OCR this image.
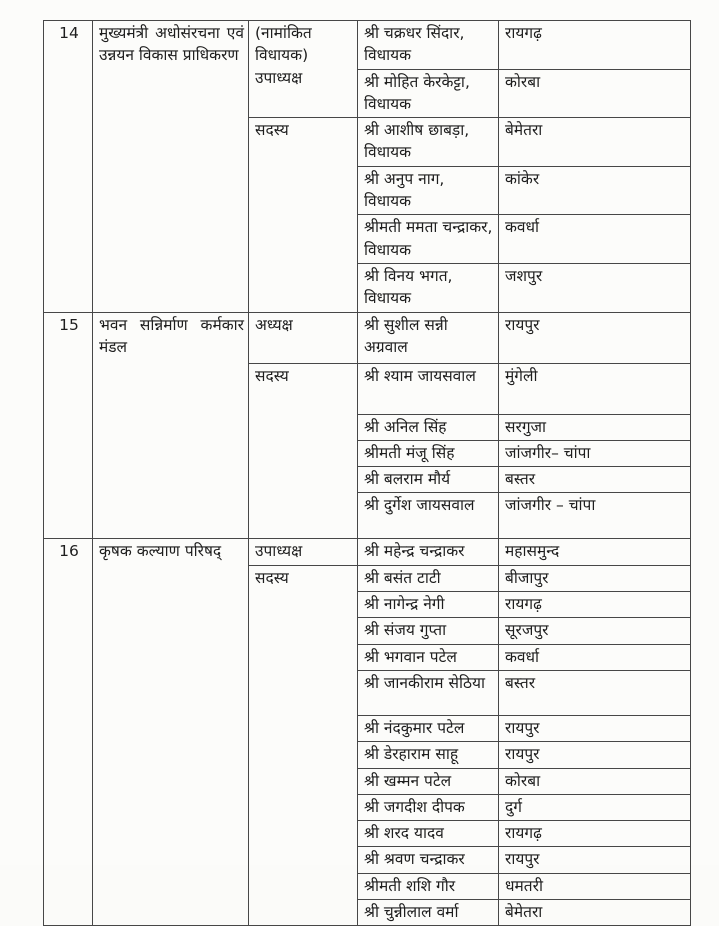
14	मुख्यमंत्री अधोसंरचना एवं उन्नयन विकास प्राधिकरण	(नामांकित विधायक) उपाध्यक्ष	श्री चक्रधर सिंदार, विधायक	रायगढ़
			श्री मोहित केरकेट्टा, विधायक	कोरबा
		सदस्य	श्री आशीष छाबड़ा, विधायक	बेमेतरा
			श्री अनुप नाग, विधायक	कांकेर
			श्रीमती ममता चन्द्राकर, विधायक	कवर्धा
			श्री विनय भगत, विधायक	जशपुर
15	भवन सन्निर्माण कर्मकार मंडल	अध्यक्ष	श्री सुशील सन्नी अग्रवाल	रायपुर
		सदस्य	श्री श्याम जायसवाल	मुंगेली
			श्री अनिल सिंह	सरगुजा
			श्रीमती मंजू सिंह	जांजगीर– चांपा
			श्री बलराम मौर्य	बस्तर
			श्री दुर्गेश जायसवाल	जांजगीर – चांपा
16	कृषक कल्याण परिषद्	उपाध्यक्ष	श्री महेन्द्र चन्द्राकर	महासमुन्द
		सदस्य	श्री बसंत टाटी	बीजापुर
			श्री नागेन्द्र नेगी	रायगढ़
			श्री संजय गुप्ता	सूरजपुर
			श्री भगवान पटेल	कवर्धा
			श्री जानकीराम सेठिया	बस्तर
			श्री नंदकुमार पटेल	रायपुर
			श्री डेरहाराम साहू	रायपुर
			श्री खम्मन पटेल	कोरबा
			श्री जगदीश दीपक	दुर्ग
			श्री शरद यादव	रायगढ़
			श्री श्रवण चन्द्राकर	रायपुर
			श्रीमती शशि गौर	धमतरी
			श्री चुन्नीलाल वर्मा	बेमेतरा
